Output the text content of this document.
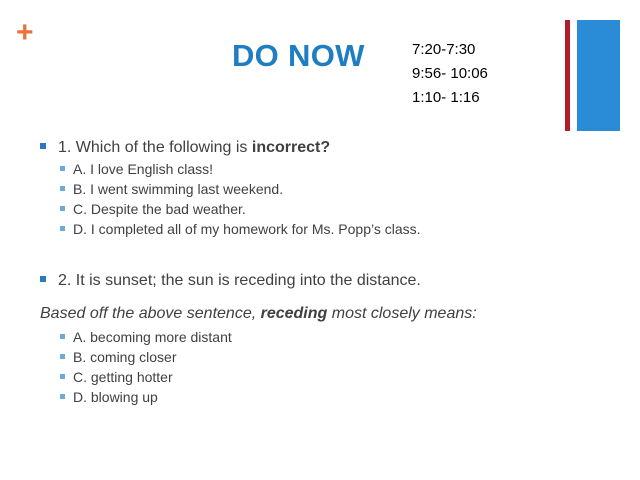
+
DO NOW	7:20-7:30
9:56- 10:06
1:10- 1:16
1. Which of the following is incorrect?
A. I love English class!
B. I went swimming last weekend.
C. Despite the bad weather.
D. I completed all of my homework for Ms. Popp’s class.
2. It is sunset; the sun is receding into the distance.
Based off the above sentence, receding most closely means:
A. becoming more distant
B. coming closer
C. getting hotter
D. blowing up
